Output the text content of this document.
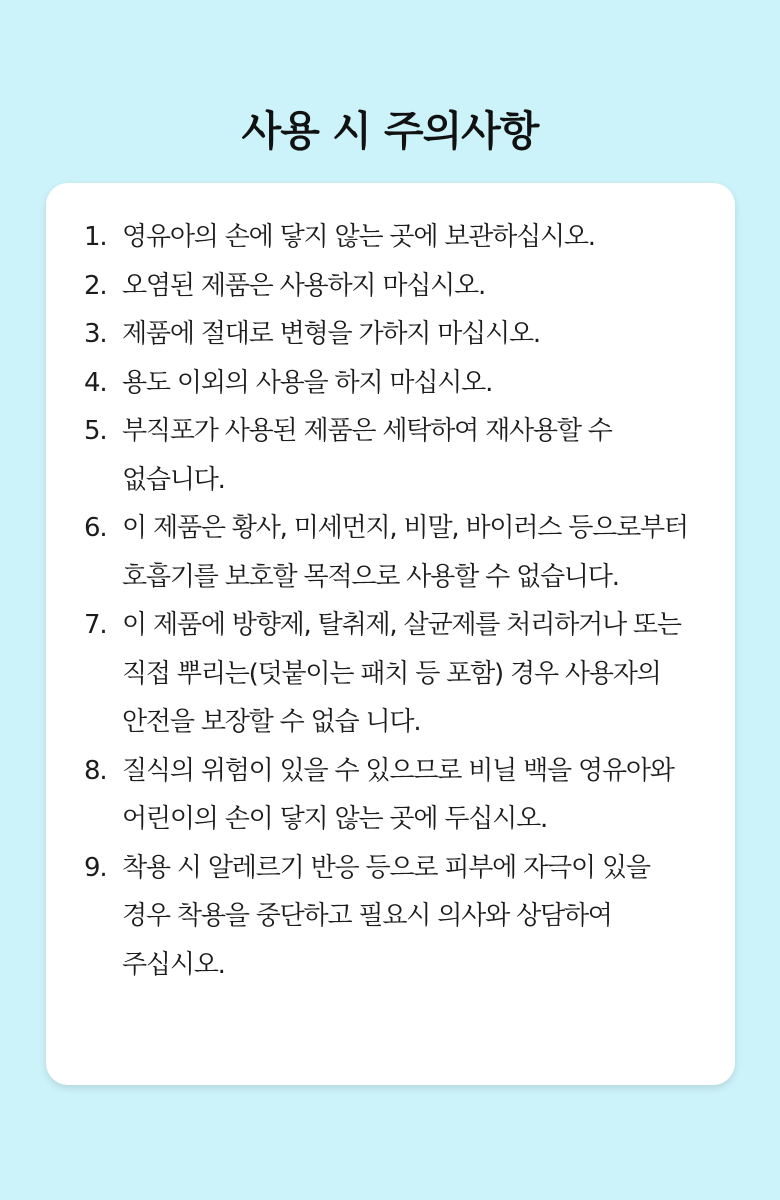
사용 시 주의사항
1. 영유아의 손에 닿지 않는 곳에 보관하십시오.
2. 오염된 제품은 사용하지 마십시오.
3. 제품에 절대로 변형을 가하지 마십시오.
4. 용도 이외의 사용을 하지 마십시오.
5. 부직포가 사용된 제품은 세탁하여 재사용할 수 없습니다.
6. 이 제품은 황사, 미세먼지, 비말, 바이러스 등으로부터 호흡기를 보호할 목적으로 사용할 수 없습니다.
7. 이 제품에 방향제, 탈취제, 살균제를 처리하거나 또는 직접 뿌리는(덧붙이는 패치 등 포함) 경우 사용자의 안전을 보장할 수 없습 니다.
8. 질식의 위험이 있을 수 있으므로 비닐 백을 영유아와 어린이의 손이 닿지 않는 곳에 두십시오.
9. 착용 시 알레르기 반응 등으로 피부에 자극이 있을 경우 착용을 중단하고 필요시 의사와 상담하여 주십시오.
